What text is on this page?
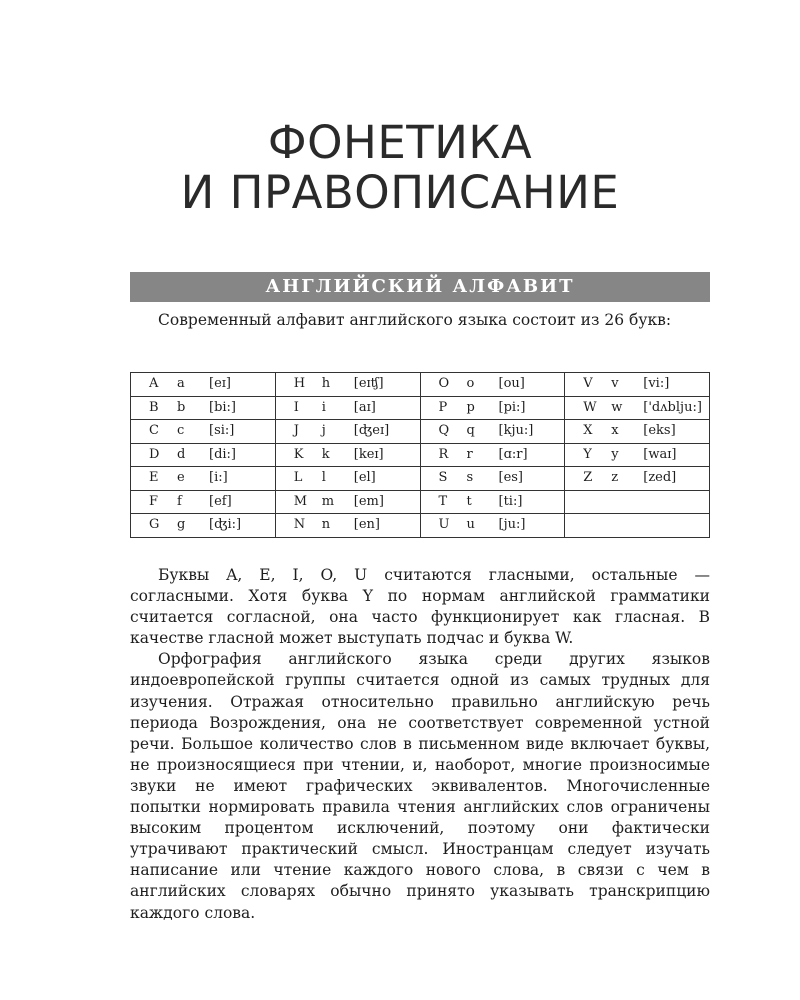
ФОНЕТИКА
И ПРАВОПИСАНИЕ
АНГЛИЙСКИЙ АЛФАВИТ

Современный алфавит английского языка состоит из 26 букв:

A a [eɪ]	H h [eɪʧ]	O o [ou]	V v [vi:]

B b [bi:]	I i [aɪ]	P p [pi:]	W w ['dʌblju:]

C c [si:]	J j [ʤeɪ]	Q q [kju:]	X x [eks]

D d [di:]	K k [keɪ]	R r [ɑ:r]	Y y [waɪ]

E e [i:]	L l [el]	S s [es]	Z z [zed]

F f [ef]	M m [em]	T t [ti:]	

G g [ʤi:]	N n [en]	U u [ju:]	

Буквы A, E, I, O, U считаются гласными, остальные — согласными. Хотя буква Y по нормам английской грамматики считается согласной, она часто функционирует как гласная. В качестве гласной может выступать подчас и буква W.

Орфография английского языка среди других языков индоевропейской группы считается одной из самых трудных для изучения. Отражая относительно правильно английскую речь периода Возрождения, она не соответствует современной устной речи. Большое количество слов в письменном виде включает буквы, не произносящиеся при чтении, и, наоборот, многие произносимые звуки не имеют графических эквивалентов. Многочисленные попытки нормировать правила чтения английских слов ограничены высоким процентом исключений, поэтому они фактически утрачивают практический смысл. Иностранцам следует изучать написание или чтение каждого нового слова, в связи с чем в английских словарях обычно принято указывать транскрипцию каждого слова.
